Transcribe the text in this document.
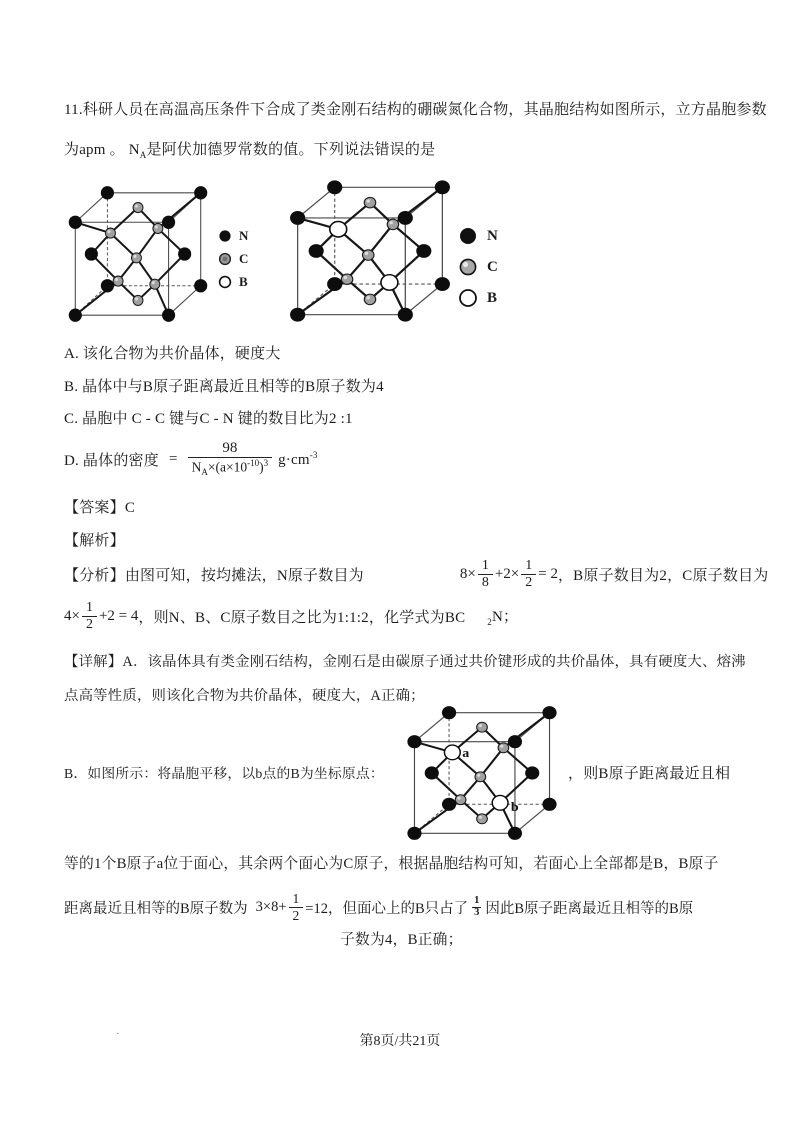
11.科研人员在高温高压条件下合成了类金刚石结构的硼碳氮化合物，其晶胞结构如图所示，立方晶胞参数
为apm 。 $N_A$是阿伏加德罗常数的值。下列说法错误的是
N
C
B
N
C
B
A. 该化合物为共价晶体，硬度大
B. 晶体中与B原子距离最近且相等的B原子数为4
C. 晶胞中 C - C 键与C - N 键的数目比为2 :1
D. 晶体的密度 = $\frac{98}{N_A\times(a\times 10^{-10})^3} g\cdot cm^{-3}$
【答案】C
【解析】
【分析】 由图可知，按均摊法，N原子数目为	$8\times \frac{1}{8} +2\times \frac{1}{2} = 2$ ，B原子数目为2，C原子数目为
$4\times \frac{1}{2} +2 = 4$ ，则N、B、C原子数目之比为1:1:2，化学式为BC $_2$N；
【详解】A．该晶体具有类金刚石结构，金刚石是由碳原子通过共价键形成的共价晶体，具有硬度大、熔沸
点高等性质，则该化合物为共价晶体，硬度大，A正确；
B．如图所示：将晶胞平移，以b点的B为坐标原点：
a
b
，则B原子距离最近且相
等的1个B原子a位于面心，其余两个面心为C原子，根据晶胞结构可知，若面心上全部都是B，B原子
距离最近且相等的B原子数为 $3\times 8+ \frac{1}{2} =12$，但面心上的B只占了 1
3 因此B原子距离最近且相等的B原
子数为4，B正确；
·	第8页/共21页
